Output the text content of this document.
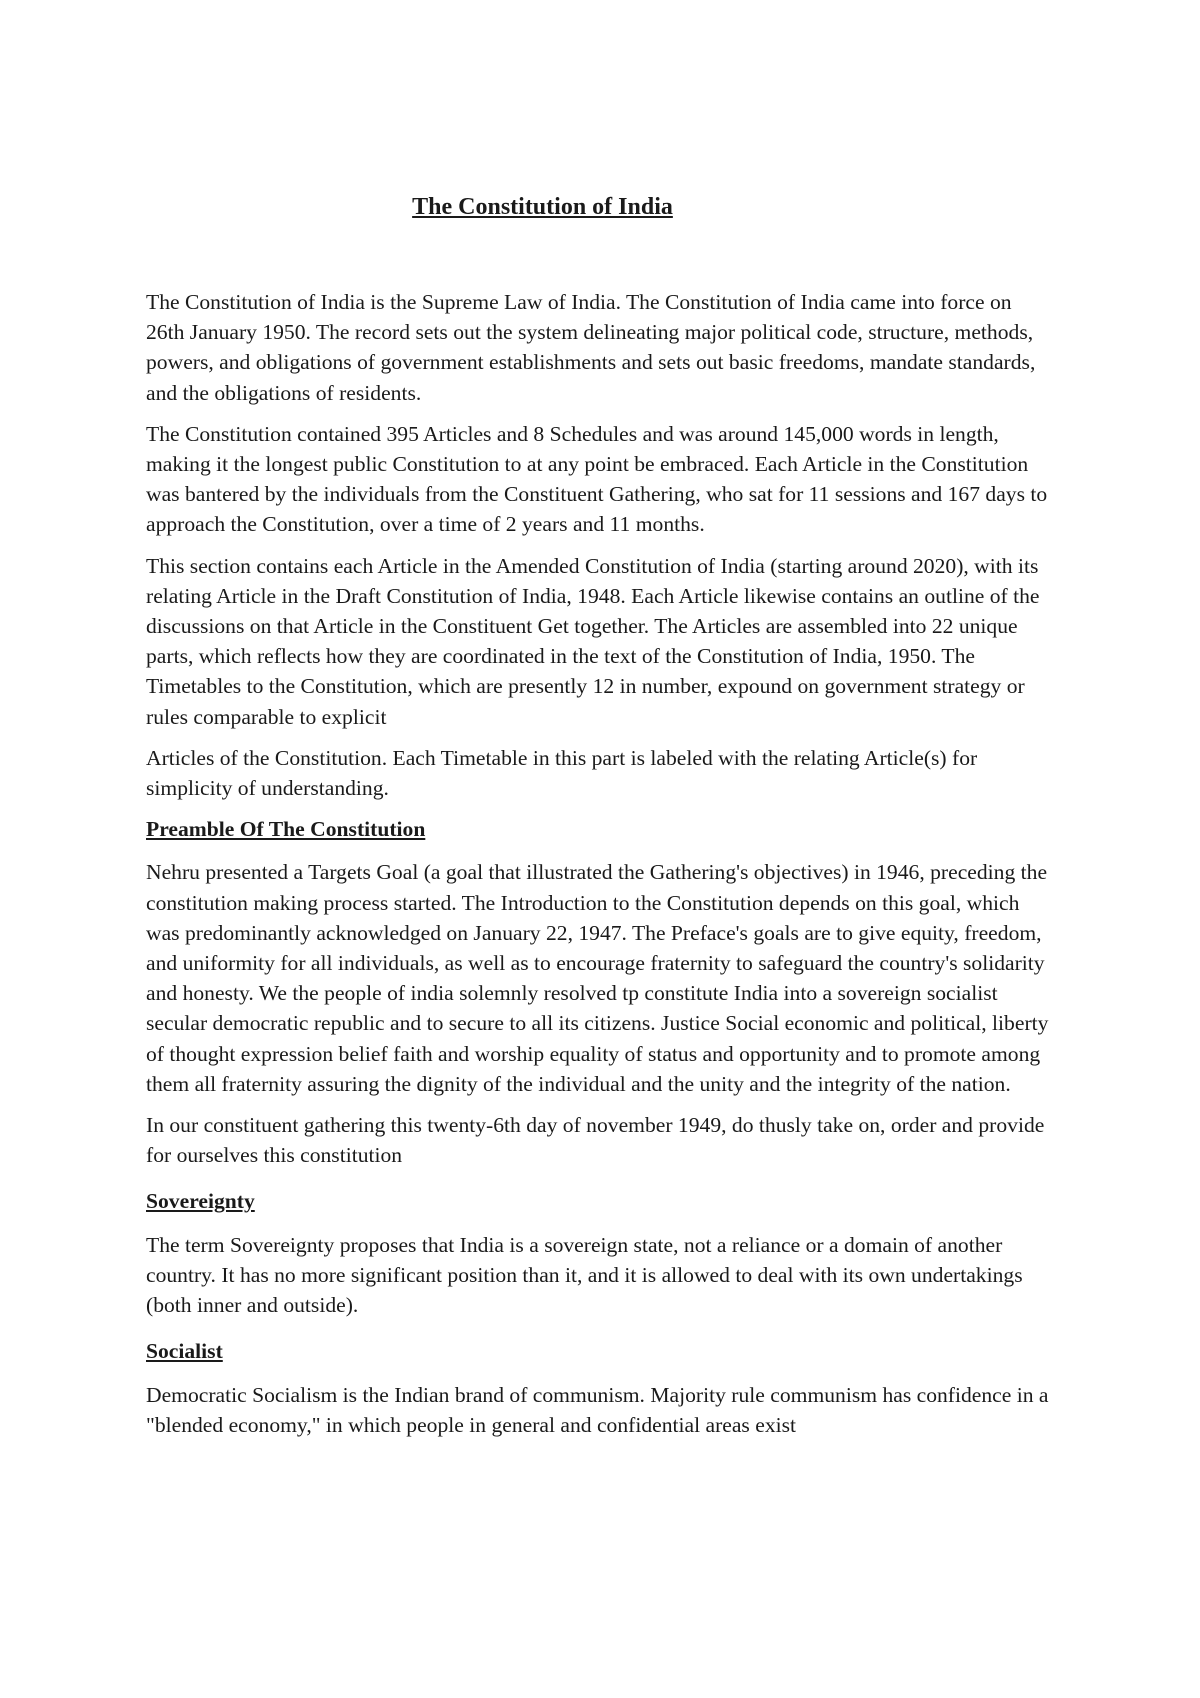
The Constitution of India

The Constitution of India is the Supreme Law of India. The Constitution of India came into force on 26th January 1950. The record sets out the system delineating major political code, structure, methods, powers, and obligations of government establishments and sets out basic freedoms, mandate standards, and the obligations of residents.

The Constitution contained 395 Articles and 8 Schedules and was around 145,000 words in length, making it the longest public Constitution to at any point be embraced. Each Article in the Constitution was bantered by the individuals from the Constituent Gathering, who sat for 11 sessions and 167 days to approach the Constitution, over a time of 2 years and 11 months.

This section contains each Article in the Amended Constitution of India (starting around 2020), with its relating Article in the Draft Constitution of India, 1948. Each Article likewise contains an outline of the discussions on that Article in the Constituent Get together. The Articles are assembled into 22 unique parts, which reflects how they are coordinated in the text of the Constitution of India, 1950. The Timetables to the Constitution, which are presently 12 in number, expound on government strategy or rules comparable to explicit

Articles of the Constitution. Each Timetable in this part is labeled with the relating Article(s) for simplicity of understanding.

Preamble Of The Constitution

Nehru presented a Targets Goal (a goal that illustrated the Gathering's objectives) in 1946, preceding the constitution making process started. The Introduction to the Constitution depends on this goal, which was predominantly acknowledged on January 22, 1947. The Preface's goals are to give equity, freedom, and uniformity for all individuals, as well as to encourage fraternity to safeguard the country's solidarity and honesty. We the people of india solemnly resolved tp constitute India into a sovereign socialist secular democratic republic and to secure to all its citizens. Justice Social economic and political, liberty of thought expression belief faith and worship equality of status and opportunity and to promote among them all fraternity assuring the dignity of the individual and the unity and the integrity of the nation.

In our constituent gathering this twenty-6th day of november 1949, do thusly take on, order and provide for ourselves this constitution

Sovereignty

The term Sovereignty proposes that India is a sovereign state, not a reliance or a domain of another country. It has no more significant position than it, and it is allowed to deal with its own undertakings (both inner and outside).

Socialist

Democratic Socialism is the Indian brand of communism. Majority rule communism has confidence in a "blended economy," in which people in general and confidential areas exist
